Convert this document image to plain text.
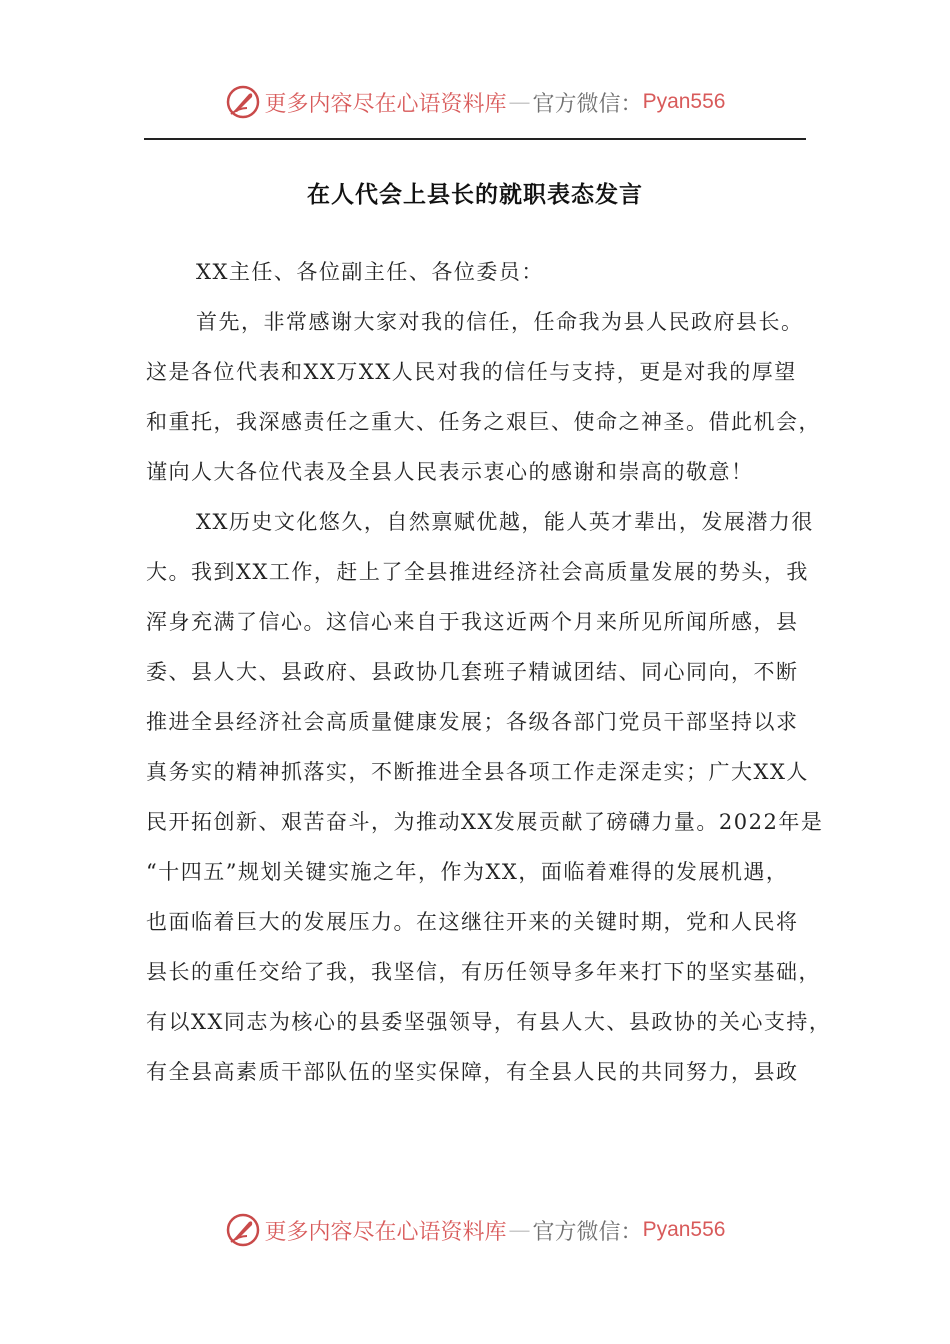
更多内容尽在心语资料库 — 官方微信： Pyan556
在人代会上县长的就职表态发言

XX主任、各位副主任、各位委员：

首先，非常感谢大家对我的信任，任命我为县人民政府县长。
这是各位代表和XX万XX人民对我的信任与支持，更是对我的厚望
和重托，我深感责任之重大、任务之艰巨、使命之神圣。借此机会，
谨向人大各位代表及全县人民表示衷心的感谢和崇高的敬意！

XX历史文化悠久，自然禀赋优越，能人英才辈出，发展潜力很
大。我到XX工作，赶上了全县推进经济社会高质量发展的势头，我
浑身充满了信心。这信心来自于我这近两个月来所见所闻所感，县
委、县人大、县政府、县政协几套班子精诚团结、同心同向，不断
推进全县经济社会高质量健康发展；各级各部门党员干部坚持以求
真务实的精神抓落实，不断推进全县各项工作走深走实；广大XX人
民开拓创新、艰苦奋斗，为推动XX发展贡献了磅礴力量。2022年是
“十四五”规划关键实施之年，作为XX，面临着难得的发展机遇，
也面临着巨大的发展压力。在这继往开来的关键时期，党和人民将
县长的重任交给了我，我坚信，有历任领导多年来打下的坚实基础，
有以XX同志为核心的县委坚强领导，有县人大、县政协的关心支持，
有全县高素质干部队伍的坚实保障，有全县人民的共同努力，县政

更多内容尽在心语资料库 — 官方微信： Pyan556
